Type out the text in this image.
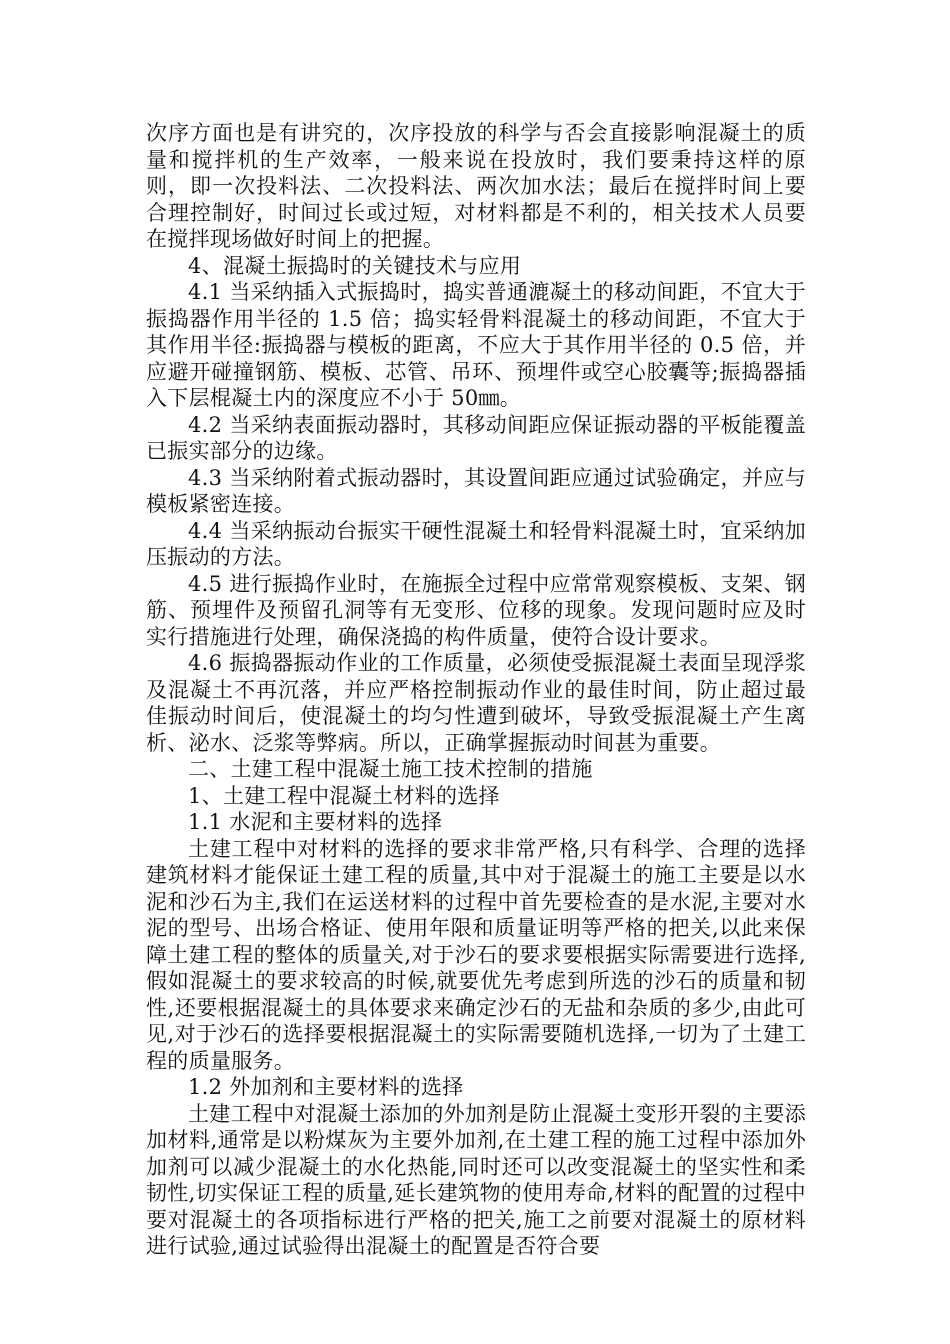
次序方面也是有讲究的，次序投放的科学与否会直接影响混凝土的质量和搅拌机的生产效率，一般来说在投放时，我们要秉持这样的原则，即一次投料法、二次投料法、两次加水法；最后在搅拌时间上要合理控制好，时间过长或过短，对材料都是不利的，相关技术人员要在搅拌现场做好时间上的把握。

4、混凝土振捣时的关键技术与应用

4.1 当采纳插入式振捣时，捣实普通漉凝土的移动间距，不宜大于振捣器作用半径的 1.5 倍；捣实轻骨料混凝土的移动间距，不宜大于其作用半径:振捣器与模板的距离，不应大于其作用半径的 0.5 倍，并应避开碰撞钢筋、模板、芯管、吊环、预埋件或空心胶囊等;振捣器插入下层棍凝土内的深度应不小于 50㎜。

4.2 当采纳表面振动器时，其移动间距应保证振动器的平板能覆盖已振实部分的边缘。

4.3 当采纳附着式振动器时，其设置间距应通过试验确定，并应与模板紧密连接。

4.4 当采纳振动台振实干硬性混凝土和轻骨料混凝土时，宜采纳加压振动的方法。

4.5 进行振捣作业时，在施振全过程中应常常观察模板、支架、钢筋、预埋件及预留孔洞等有无变形、位移的现象。发现问题时应及时实行措施进行处理，确保浇捣的构件质量，使符合设计要求。

4.6 振捣器振动作业的工作质量，必须使受振混凝土表面呈现浮浆及混凝土不再沉落，并应严格控制振动作业的最佳时间，防止超过最佳振动时间后，使混凝土的均匀性遭到破坏，导致受振混凝土产生离析、泌水、泛浆等弊病。所以，正确掌握振动时间甚为重要。

二、土建工程中混凝土施工技术控制的措施

1、土建工程中混凝土材料的选择

1.1 水泥和主要材料的选择

土建工程中对材料的选择的要求非常严格,只有科学、合理的选择建筑材料才能保证土建工程的质量,其中对于混凝土的施工主要是以水泥和沙石为主,我们在运送材料的过程中首先要检查的是水泥,主要对水泥的型号、出场合格证、使用年限和质量证明等严格的把关,以此来保障土建工程的整体的质量关,对于沙石的要求要根据实际需要进行选择,假如混凝土的要求较高的时候,就要优先考虑到所选的沙石的质量和韧性,还要根据混凝土的具体要求来确定沙石的无盐和杂质的多少,由此可见,对于沙石的选择要根据混凝土的实际需要随机选择,一切为了土建工程的质量服务。

1.2 外加剂和主要材料的选择

土建工程中对混凝土添加的外加剂是防止混凝土变形开裂的主要添加材料,通常是以粉煤灰为主要外加剂,在土建工程的施工过程中添加外加剂可以减少混凝土的水化热能,同时还可以改变混凝土的坚实性和柔韧性,切实保证工程的质量,延长建筑物的使用寿命,材料的配置的过程中要对混凝土的各项指标进行严格的把关,施工之前要对混凝土的原材料进行试验,通过试验得出混凝土的配置是否符合要
